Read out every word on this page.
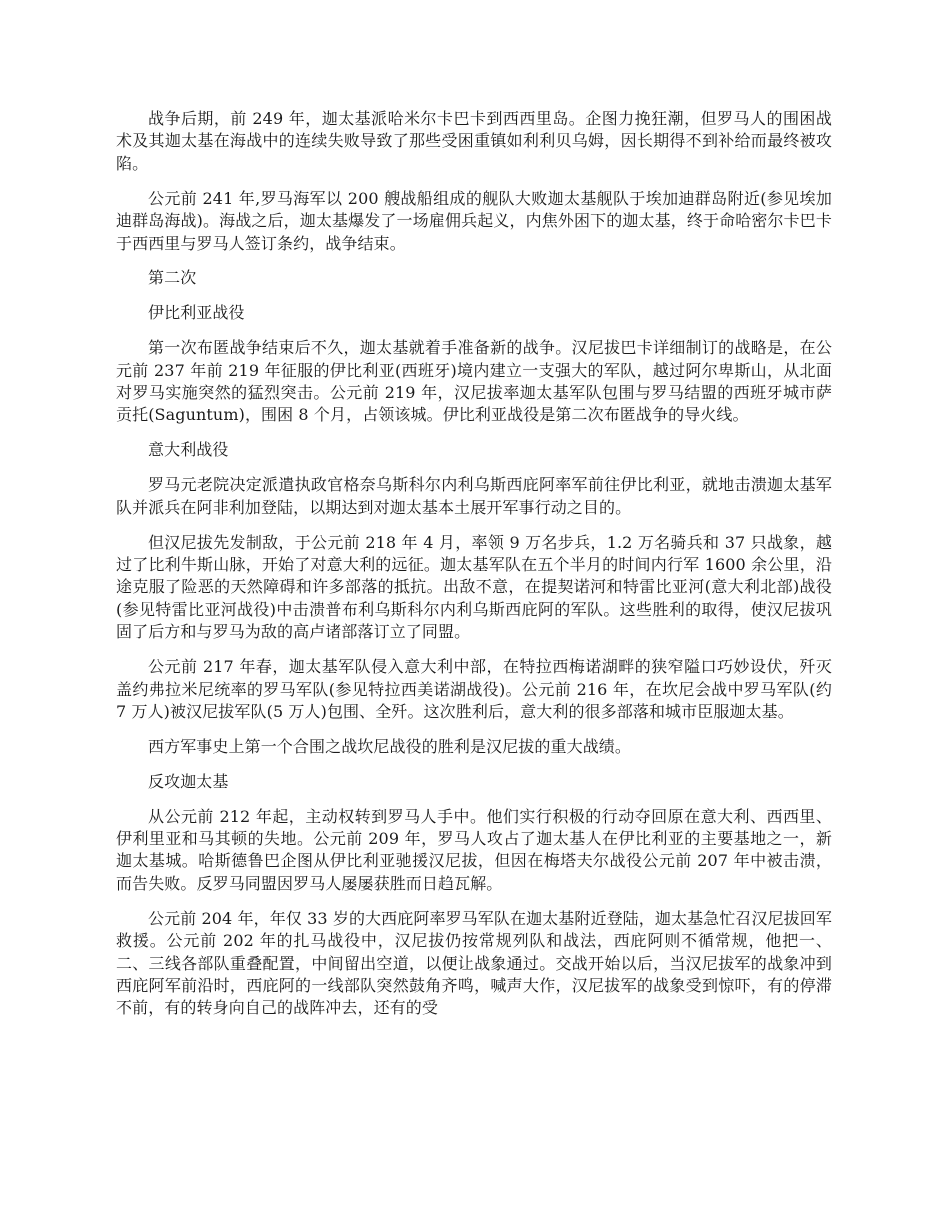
战争后期，前 249 年，迦太基派哈米尔卡巴卡到西西里岛。企图力挽狂潮，但罗马人的围困战术及其迦太基在海战中的连续失败导致了那些受困重镇如利利贝乌姆，因长期得不到补给而最终被攻陷。

公元前 241 年,罗马海军以 200 艘战船组成的舰队大败迦太基舰队于埃加迪群岛附近(参见埃加迪群岛海战)。海战之后，迦太基爆发了一场雇佣兵起义，内焦外困下的迦太基，终于命哈密尔卡巴卡于西西里与罗马人签订条约，战争结束。

第二次

伊比利亚战役

第一次布匿战争结束后不久，迦太基就着手准备新的战争。汉尼拔巴卡详细制订的战略是，在公元前 237 年前 219 年征服的伊比利亚(西班牙)境内建立一支强大的军队，越过阿尔卑斯山，从北面对罗马实施突然的猛烈突击。公元前 219 年，汉尼拔率迦太基军队包围与罗马结盟的西班牙城市萨贡托(Saguntum)，围困 8 个月，占领该城。伊比利亚战役是第二次布匿战争的导火线。

意大利战役

罗马元老院决定派遣执政官格奈乌斯科尔内利乌斯西庇阿率军前往伊比利亚，就地击溃迦太基军队并派兵在阿非利加登陆，以期达到对迦太基本土展开军事行动之目的。

但汉尼拔先发制敌，于公元前 218 年 4 月，率领 9 万名步兵，1.2 万名骑兵和 37 只战象，越过了比利牛斯山脉，开始了对意大利的远征。迦太基军队在五个半月的时间内行军 1600 余公里，沿途克服了险恶的天然障碍和许多部落的抵抗。出敌不意，在提契诺河和特雷比亚河(意大利北部)战役(参见特雷比亚河战役)中击溃普布利乌斯科尔内利乌斯西庇阿的军队。这些胜利的取得，使汉尼拔巩固了后方和与罗马为敌的高卢诸部落订立了同盟。

公元前 217 年春，迦太基军队侵入意大利中部，在特拉西梅诺湖畔的狭窄隘口巧妙设伏，歼灭盖约弗拉米尼统率的罗马军队(参见特拉西美诺湖战役)。公元前 216 年，在坎尼会战中罗马军队(约 7 万人)被汉尼拔军队(5 万人)包围、全歼。这次胜利后，意大利的很多部落和城市臣服迦太基。

西方军事史上第一个合围之战坎尼战役的胜利是汉尼拔的重大战绩。

反攻迦太基

从公元前 212 年起，主动权转到罗马人手中。他们实行积极的行动夺回原在意大利、西西里、伊利里亚和马其顿的失地。公元前 209 年，罗马人攻占了迦太基人在伊比利亚的主要基地之一，新迦太基城。哈斯德鲁巴企图从伊比利亚驰援汉尼拔，但因在梅塔夫尔战役公元前 207 年中被击溃，而告失败。反罗马同盟因罗马人屡屡获胜而日趋瓦解。

公元前 204 年，年仅 33 岁的大西庇阿率罗马军队在迦太基附近登陆，迦太基急忙召汉尼拔回军救援。公元前 202 年的扎马战役中，汉尼拔仍按常规列队和战法，西庇阿则不循常规，他把一、二、三线各部队重叠配置，中间留出空道，以便让战象通过。交战开始以后，当汉尼拔军的战象冲到西庇阿军前沿时，西庇阿的一线部队突然鼓角齐鸣，喊声大作，汉尼拔军的战象受到惊吓，有的停滞不前，有的转身向自己的战阵冲去，还有的受
